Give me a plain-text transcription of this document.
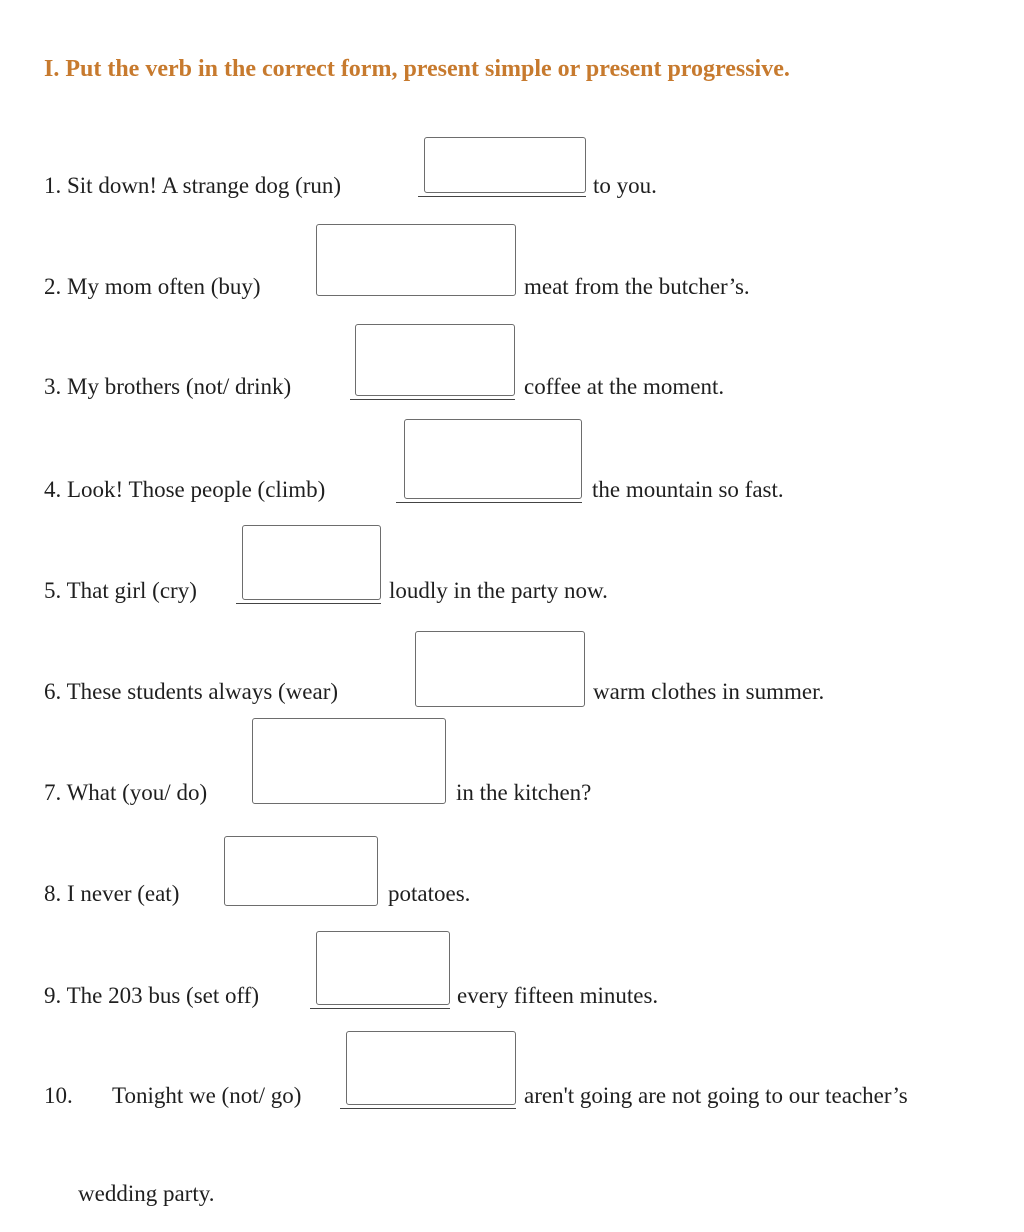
I. Put the verb in the correct form, present simple or present progressive.
1. Sit down! A strange dog (run)	to you.
2. My mom often (buy)	meat from the butcher’s.
3. My brothers (not/ drink)	coffee at the moment.
4. Look! Those people (climb)	the mountain so fast.
5. That girl (cry)	loudly in the party now.
6. These students always (wear)	warm clothes in summer.
7. What (you/ do)	in the kitchen?
8. I never (eat)	potatoes.
9. The 203 bus (set off)	every fifteen minutes.
10. Tonight we (not/ go)	aren't going are not going to our teacher’s
wedding party.
